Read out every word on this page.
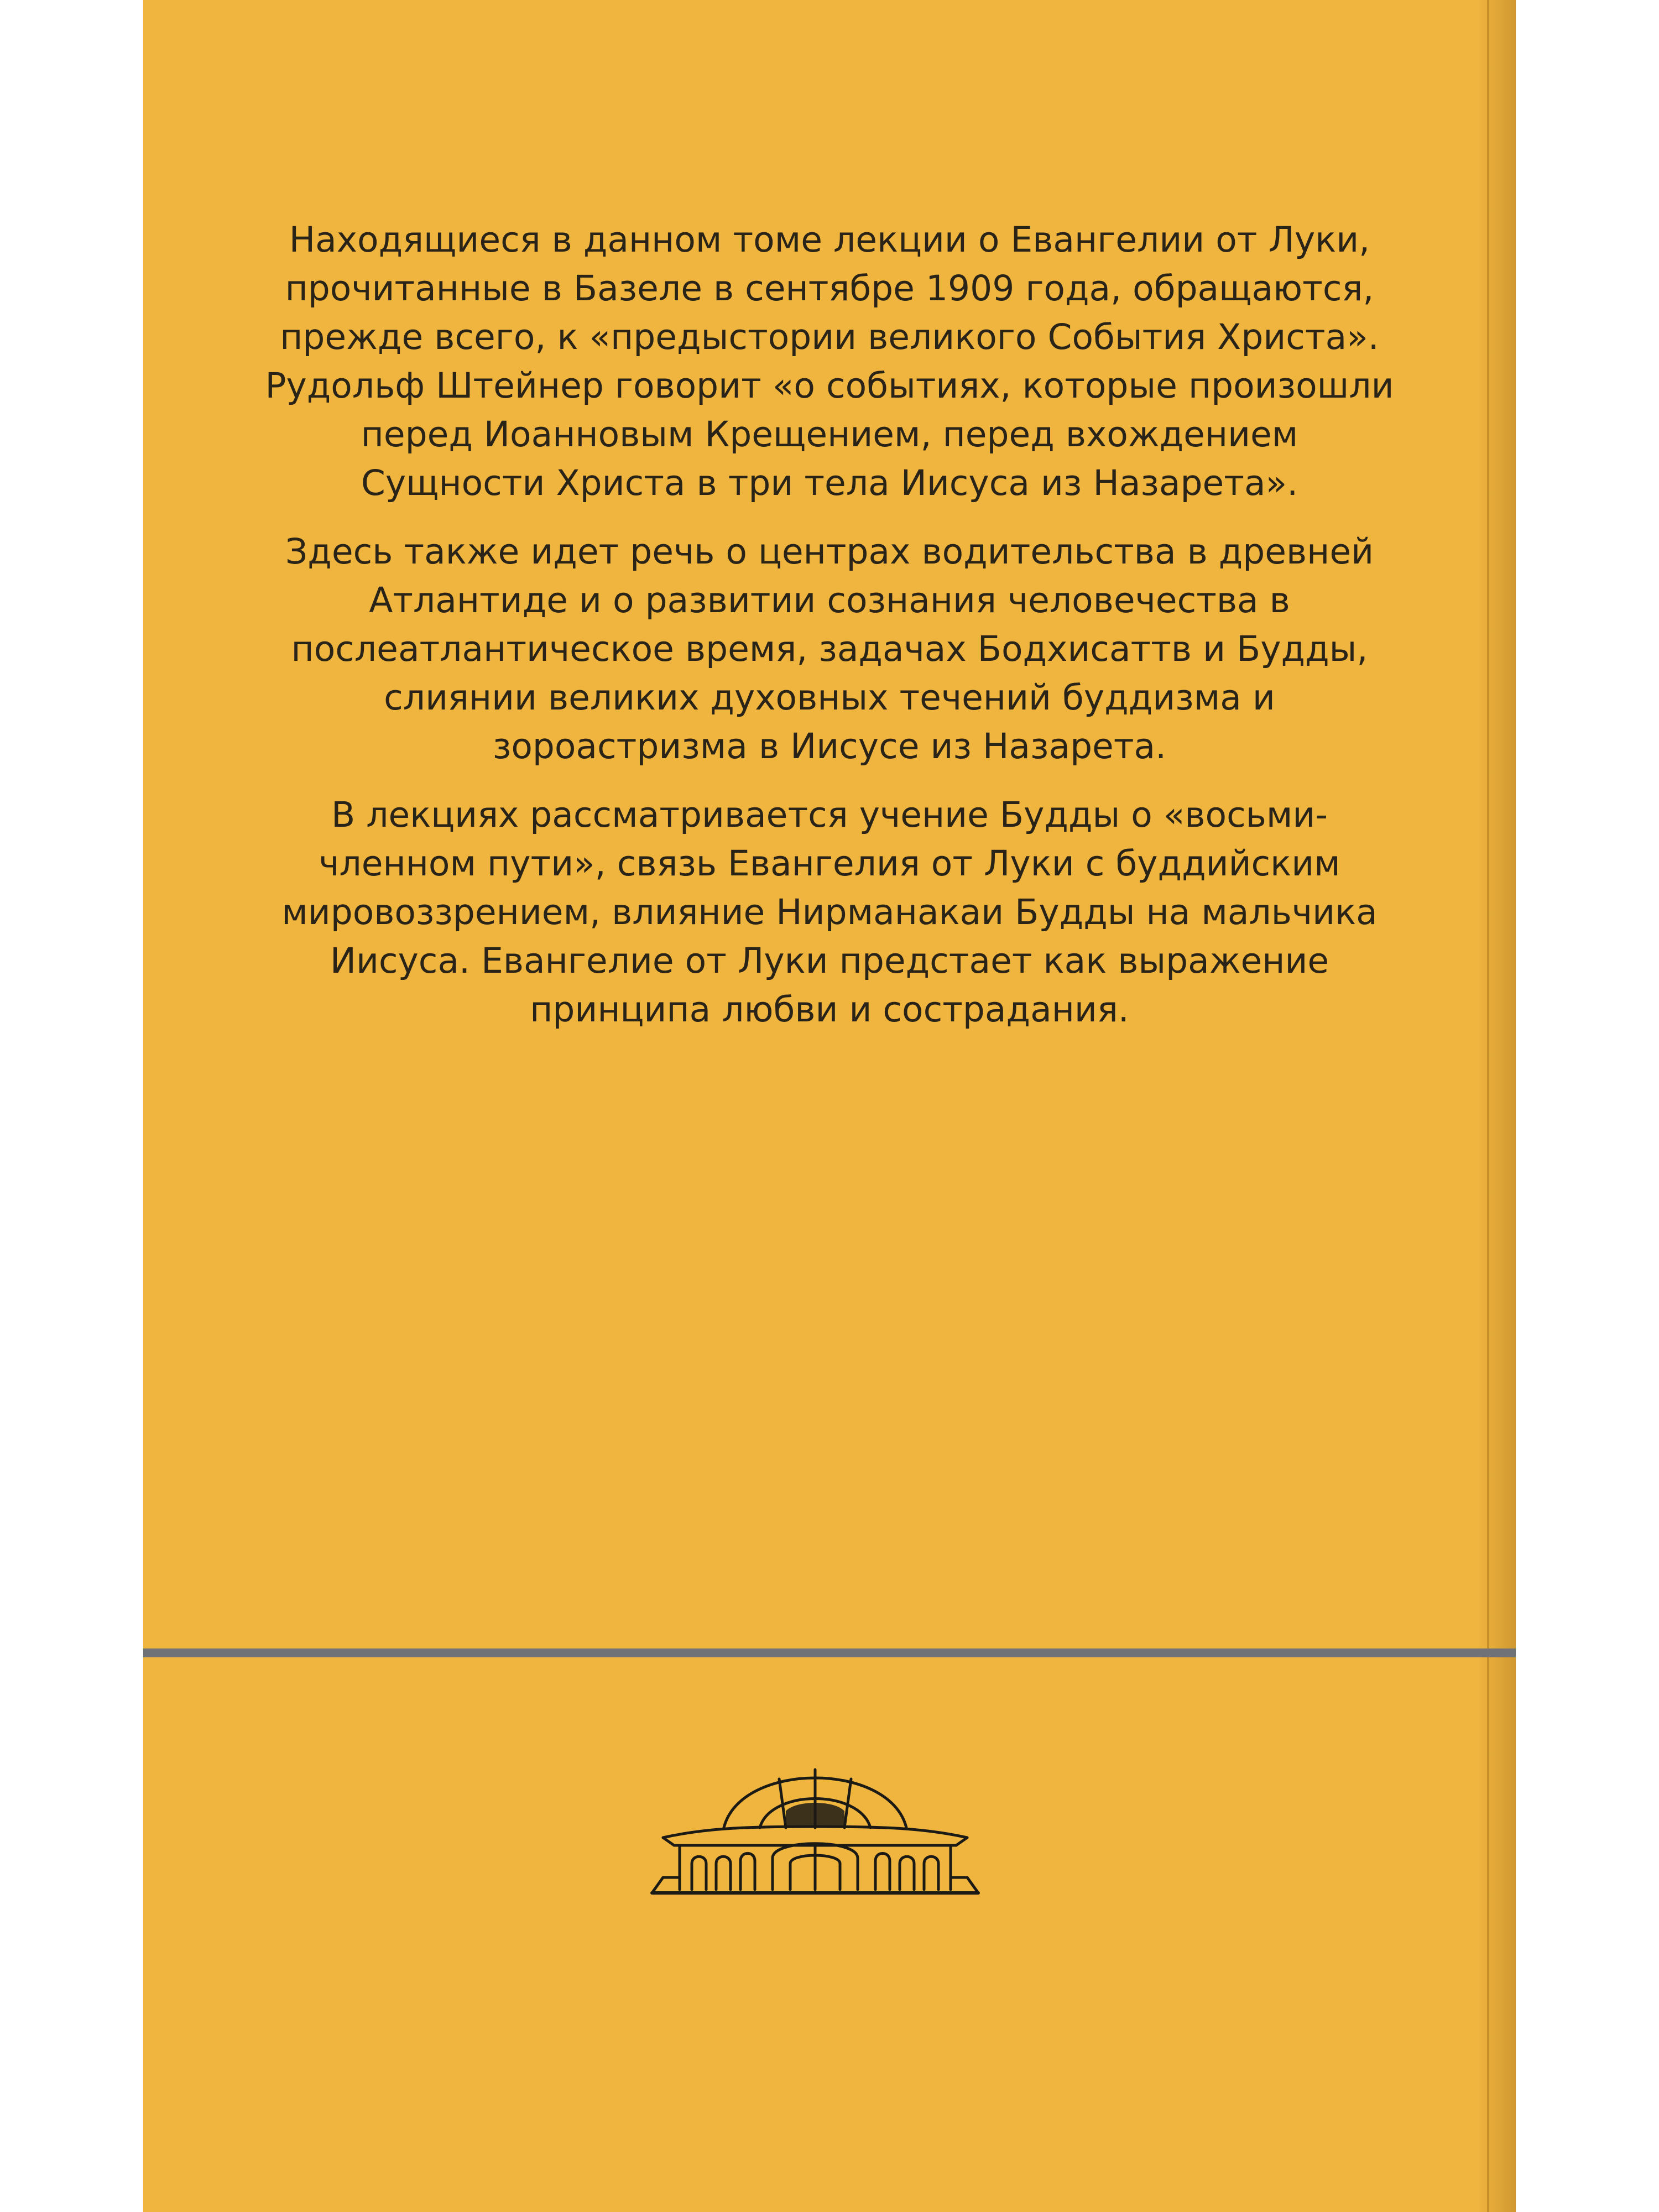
Находящиеся в данном томе лекции о Евангелии от Луки,
прочитанные в Базеле в сентябре 1909 года, обращаются,
прежде всего, к «предыстории великого События Христа».
Рудольф Штейнер говорит «о событиях, которые произошли
перед Иоанновым Крещением, перед вхождением
Сущности Христа в три тела Иисуса из Назарета».

Здесь также идет речь о центрах водительства в древней
Атлантиде и о развитии сознания человечества в
послеатлантическое время, задачах Бодхисаттв и Будды,
слиянии великих духовных течений буддизма и
зороастризма в Иисусе из Назарета.

В лекциях рассматривается учение Будды о «восьми-
членном пути», связь Евангелия от Луки с буддийским
мировоззрением, влияние Нирманакаи Будды на мальчика
Иисуса. Евангелие от Луки предстает как выражение
принципа любви и сострадания.
